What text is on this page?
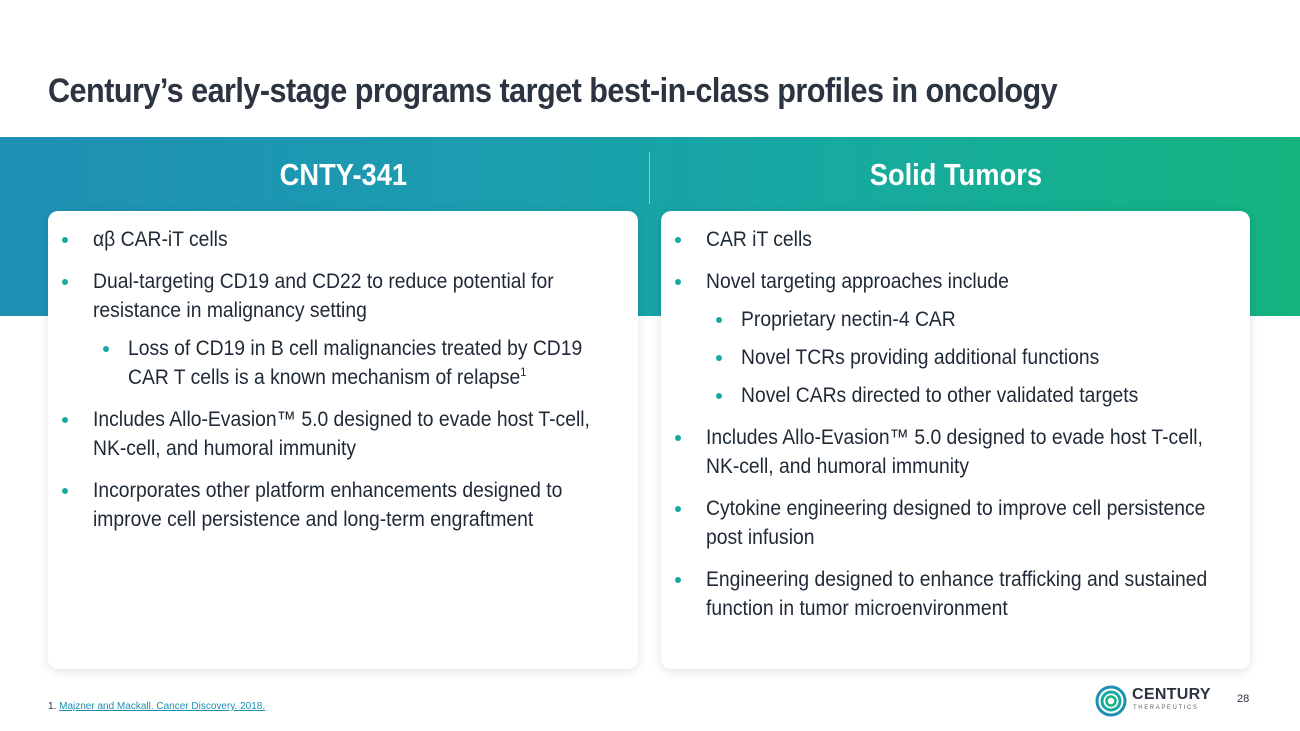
Century’s early-stage programs target best-in-class profiles in oncology
CNTY-341	Solid Tumors
αβ CAR-iT cells
Dual-targeting CD19 and CD22 to reduce potential for resistance in malignancy setting
Loss of CD19 in B cell malignancies treated by CD19 CAR T cells is a known mechanism of relapse$^1$
Includes Allo-Evasion™ 5.0 designed to evade host T-cell, NK-cell, and humoral immunity
Incorporates other platform enhancements designed to improve cell persistence and long-term engraftment
CAR iT cells
Novel targeting approaches include
Proprietary nectin-4 CAR
Novel TCRs providing additional functions
Novel CARs directed to other validated targets
Includes Allo-Evasion™ 5.0 designed to evade host T-cell, NK-cell, and humoral immunity
Cytokine engineering designed to improve cell persistence post infusion
Engineering designed to enhance trafficking and sustained function in tumor microenvironment
1. Majzner and Mackall. Cancer Discovery. 2018.
CENTURY
THERAPEUTICS
28
